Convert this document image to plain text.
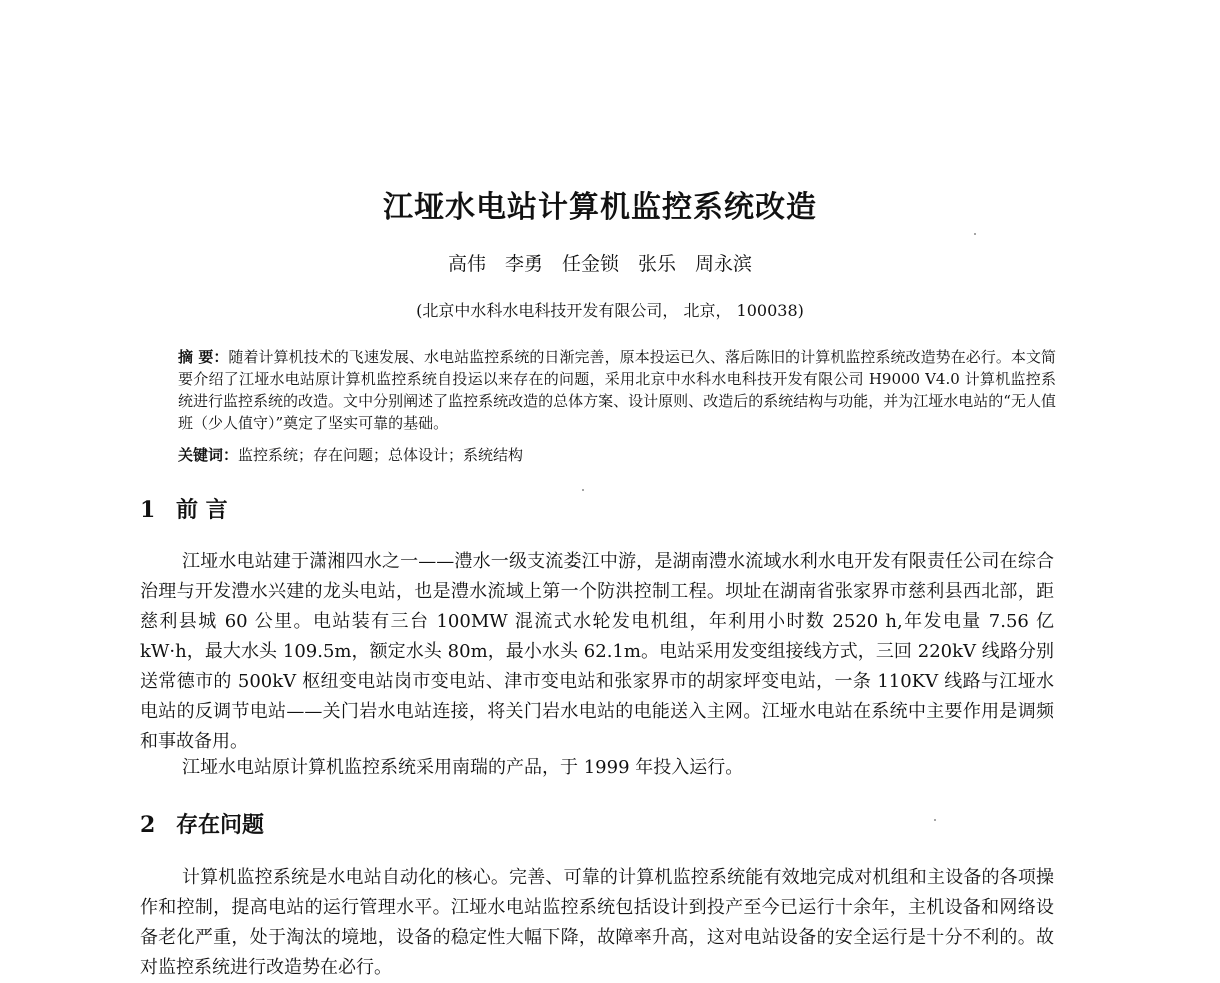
江垭水电站计算机监控系统改造
高伟　李勇　任金锁　张乐　周永滨
(北京中水科水电科技开发有限公司， 北京， 100038)
摘 要：随着计算机技术的飞速发展、水电站监控系统的日渐完善，原本投运已久、落后陈旧的计算机监控系统改造势在必行。本文简要介绍了江垭水电站原计算机监控系统自投运以来存在的问题，采用北京中水科水电科技开发有限公司 H9000 V4.0 计算机监控系统进行监控系统的改造。文中分别阐述了监控系统改造的总体方案、设计原则、改造后的系统结构与功能，并为江垭水电站的“无人值班（少人值守）”奠定了坚实可靠的基础。
关键词：监控系统；存在问题；总体设计；系统结构
1 前 言

江垭水电站建于潇湘四水之一——澧水一级支流娄江中游，是湖南澧水流域水利水电开发有限责任公司在综合治理与开发澧水兴建的龙头电站，也是澧水流域上第一个防洪控制工程。坝址在湖南省张家界市慈利县西北部，距慈利县城 60 公里。电站装有三台 100MW 混流式水轮发电机组，年利用小时数 2520 h,年发电量 7.56 亿 kW·h，最大水头 109.5m，额定水头 80m，最小水头 62.1m。电站采用发变组接线方式，三回 220kV 线路分别送常德市的 500kV 枢纽变电站岗市变电站、津市变电站和张家界市的胡家坪变电站，一条 110KV 线路与江垭水电站的反调节电站——关门岩水电站连接，将关门岩水电站的电能送入主网。江垭水电站在系统中主要作用是调频和事故备用。

江垭水电站原计算机监控系统采用南瑞的产品，于 1999 年投入运行。

2 存在问题

计算机监控系统是水电站自动化的核心。完善、可靠的计算机监控系统能有效地完成对机组和主设备的各项操作和控制，提高电站的运行管理水平。江垭水电站监控系统包括设计到投产至今已运行十余年，主机设备和网络设备老化严重，处于淘汰的境地，设备的稳定性大幅下降，故障率升高，这对电站设备的安全运行是十分不利的。故对监控系统进行改造势在必行。
